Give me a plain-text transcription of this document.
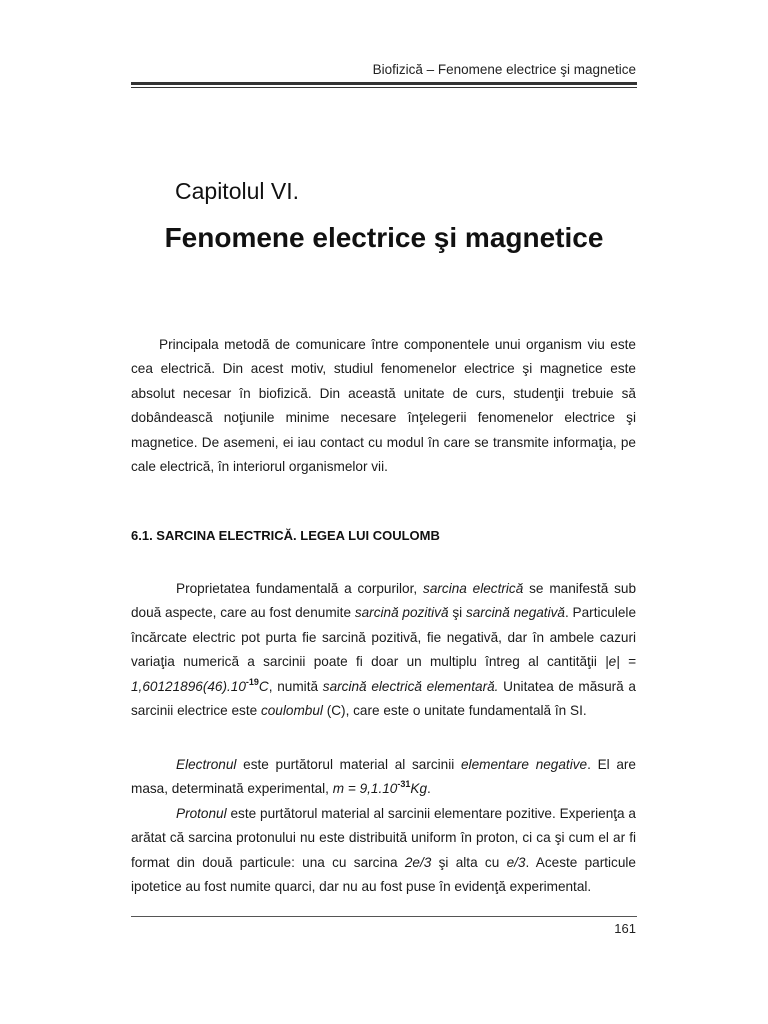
Biofizică – Fenomene electrice şi magnetice
Capitolul VI.
Fenomene electrice şi magnetice

Principala metodă de comunicare între componentele unui organism viu este cea electrică. Din acest motiv, studiul fenomenelor electrice şi magnetice este absolut necesar în biofizică. Din această unitate de curs, studenţii trebuie să dobândească noţiunile minime necesare înţelegerii fenomenelor electrice şi magnetice. De asemeni, ei iau contact cu modul în care se transmite informaţia, pe cale electrică, în interiorul organismelor vii.

6.1. SARCINA ELECTRICĂ. LEGEA LUI COULOMB

Proprietatea fundamentală a corpurilor, sarcina electrică se manifestă sub două aspecte, care au fost denumite sarcină pozitivă şi sarcină negativă. Particulele încărcate electric pot purta fie sarcină pozitivă, fie negativă, dar în ambele cazuri variaţia numerică a sarcinii poate fi doar un multiplu întreg al cantităţii $|e| = 1,60121896(46).10^{-19}C$, numită sarcină electrică elementară. Unitatea de măsură a sarcinii electrice este coulombul (C), care este o unitate fundamentală în SI.

Electronul este purtătorul material al sarcinii elementare negative. El are masa, determinată experimental, $m = 9,1.10^{-31}Kg$.

Protonul este purtătorul material al sarcinii elementare pozitive. Experienţa a arătat că sarcina protonului nu este distribuită uniform în proton, ci ca şi cum el ar fi format din două particule: una cu sarcina 2e/3 şi alta cu e/3. Aceste particule ipotetice au fost numite quarci, dar nu au fost puse în evidenţă experimental.

161
